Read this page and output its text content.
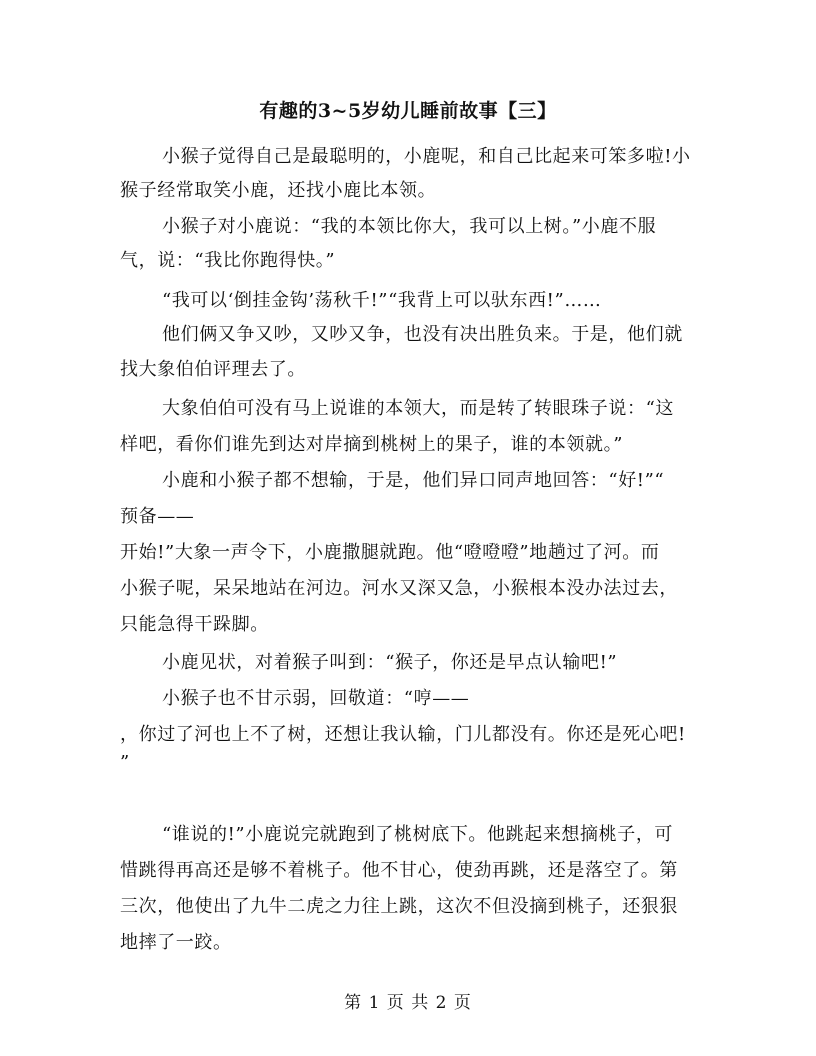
有趣的3~5岁幼儿睡前故事【三】
小猴子觉得自己是最聪明的，小鹿呢，和自己比起来可笨多啦!小
猴子经常取笑小鹿，还找小鹿比本领。
小猴子对小鹿说：“我的本领比你大，我可以上树。”小鹿不服
气，说：“我比你跑得快。”
“我可以‘倒挂金钩’荡秋千!”“我背上可以驮东西!”……
他们俩又争又吵，又吵又争，也没有决出胜负来。于是，他们就
找大象伯伯评理去了。
大象伯伯可没有马上说谁的本领大，而是转了转眼珠子说：“这
样吧，看你们谁先到达对岸摘到桃树上的果子，谁的本领就。”
小鹿和小猴子都不想输，于是，他们异口同声地回答：“好!”“
预备——
开始!”大象一声令下，小鹿撒腿就跑。他“噔噔噔”地趟过了河。而
小猴子呢，呆呆地站在河边。河水又深又急，小猴根本没办法过去，
只能急得干跺脚。
小鹿见状，对着猴子叫到：“猴子，你还是早点认输吧!”
小猴子也不甘示弱，回敬道：“哼——
，你过了河也上不了树，还想让我认输，门儿都没有。你还是死心吧!
”
“谁说的!”小鹿说完就跑到了桃树底下。他跳起来想摘桃子，可
惜跳得再高还是够不着桃子。他不甘心，使劲再跳，还是落空了。第
三次，他使出了九牛二虎之力往上跳，这次不但没摘到桃子，还狠狠
地摔了一跤。
第 1 页 共 2 页
